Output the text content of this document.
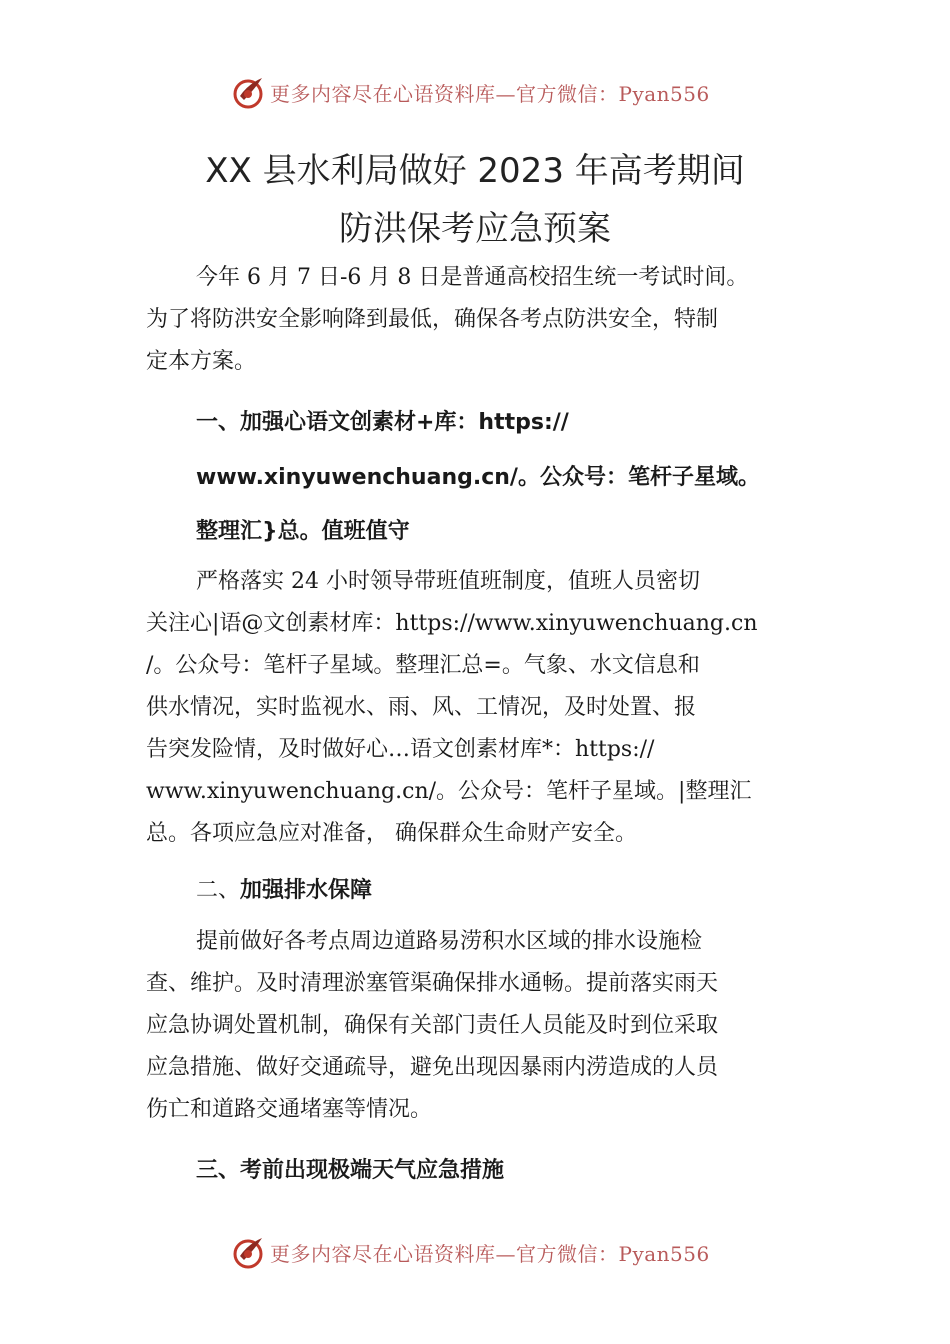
更多内容尽在心语资料库—官方微信：Pyan556
XX 县水利局做好 2023 年高考期间
防洪保考应急预案
今年 6 月 7 日-6 月 8 日是普通高校招生统一考试时间。
为了将防洪安全影响降到最低，确保各考点防洪安全，特制
定本方案。
一、加强心语文创素材+库：https://
www.xinyuwenchuang.cn/。公众号：笔杆子星域。
整理汇}总。值班值守
严格落实 24 小时领导带班值班制度，值班人员密切
关注心|语@文创素材库：https://www.xinyuwenchuang.cn
/。公众号：笔杆子星域。整理汇总=。气象、水文信息和
供水情况，实时监视水、雨、风、工情况，及时处置、报
告突发险情，及时做好心…语文创素材库*：https://
www.xinyuwenchuang.cn/。公众号：笔杆子星域。|整理汇
总。各项应急应对准备， 确保群众生命财产安全。
二、加强排水保障
提前做好各考点周边道路易涝积水区域的排水设施检
查、维护。及时清理淤塞管渠确保排水通畅。提前落实雨天
应急协调处置机制，确保有关部门责任人员能及时到位采取
应急措施、做好交通疏导，避免出现因暴雨内涝造成的人员
伤亡和道路交通堵塞等情况。
三、考前出现极端天气应急措施
更多内容尽在心语资料库—官方微信：Pyan556
